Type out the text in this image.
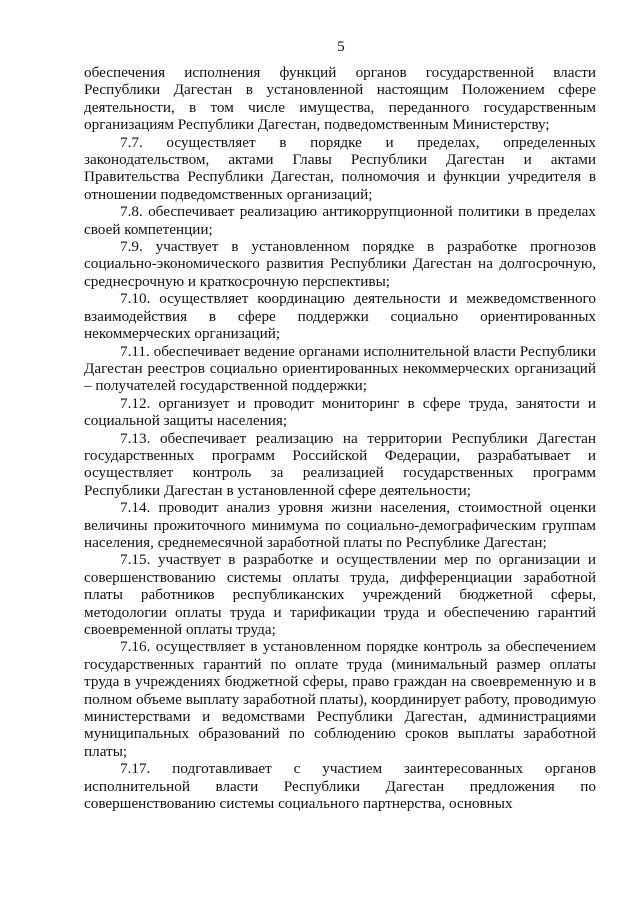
5

обеспечения исполнения функций органов государственной власти Республики Дагестан в установленной настоящим Положением сфере деятельности, в том числе имущества, переданного государственным организациям Республики Дагестан, подведомственным Министерству;

7.7. осуществляет в порядке и пределах, определенных законодательством, актами Главы Республики Дагестан и актами Правительства Республики Дагестан, полномочия и функции учредителя в отношении подведомственных организаций;

7.8. обеспечивает реализацию антикоррупционной политики в пределах своей компетенции;

7.9. участвует в установленном порядке в разработке прогнозов социально-экономического развития Республики Дагестан на долгосрочную, среднесрочную и краткосрочную перспективы;

7.10. осуществляет координацию деятельности и межведомственного взаимодействия в сфере поддержки социально ориентированных некоммерческих организаций;

7.11. обеспечивает ведение органами исполнительной власти Республики Дагестан реестров социально ориентированных некоммерческих организаций – получателей государственной поддержки;

7.12. организует и проводит мониторинг в сфере труда, занятости и социальной защиты населения;

7.13. обеспечивает реализацию на территории Республики Дагестан государственных программ Российской Федерации, разрабатывает и осуществляет контроль за реализацией государственных программ Республики Дагестан в установленной сфере деятельности;

7.14. проводит анализ уровня жизни населения, стоимостной оценки величины прожиточного минимума по социально-демографическим группам населения, среднемесячной заработной платы по Республике Дагестан;

7.15. участвует в разработке и осуществлении мер по организации и совершенствованию системы оплаты труда, дифференциации заработной платы работников республиканских учреждений бюджетной сферы, методологии оплаты труда и тарификации труда и обеспечению гарантий своевременной оплаты труда;

7.16. осуществляет в установленном порядке контроль за обеспечением государственных гарантий по оплате труда (минимальный размер оплаты труда в учреждениях бюджетной сферы, право граждан на своевременную и в полном объеме выплату заработной платы), координирует работу, проводимую министерствами и ведомствами Республики Дагестан, администрациями муниципальных образований по соблюдению сроков выплаты заработной платы;

7.17. подготавливает с участием заинтересованных органов исполнительной власти Республики Дагестан предложения по совершенствованию системы социального партнерства, основных
